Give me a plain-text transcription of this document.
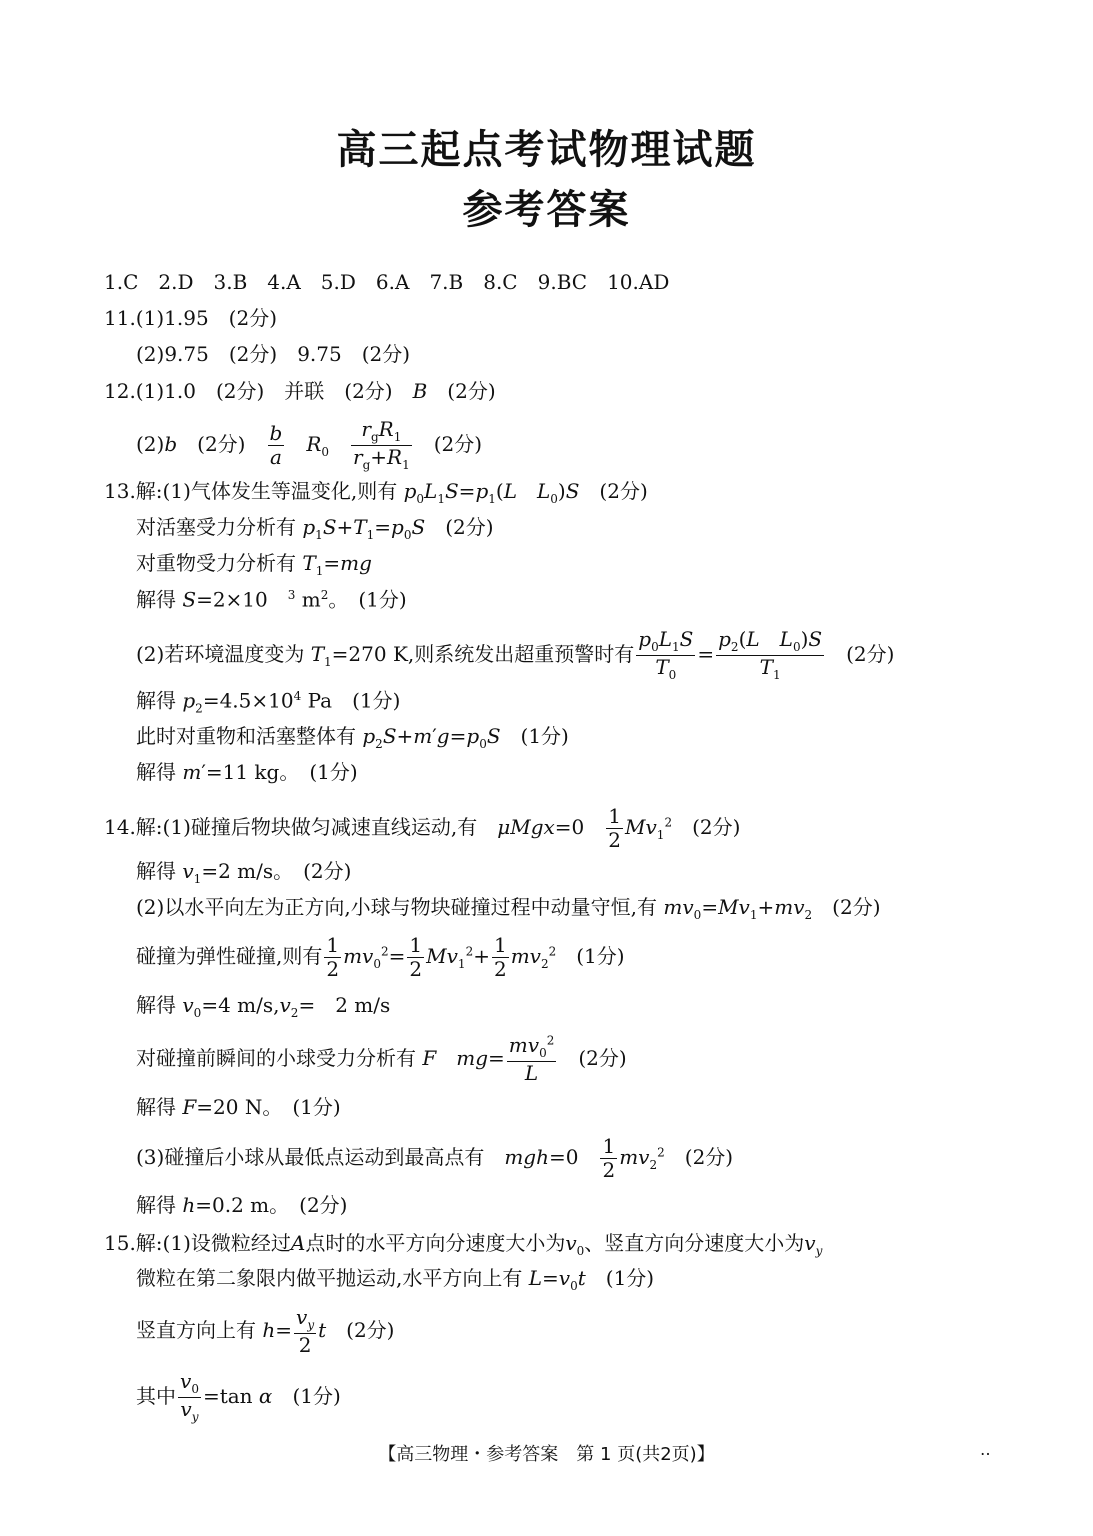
高三起点考试物理试题
参考答案
1.C　2.D　3.B　4.A　5.D　6.A　7.B　8.C　9.BC　10.AD
11.(1)1.95　(2分)
(2)9.75　(2分)　9.75　(2分)
12.(1)1.0　(2分)　并联　(2分)　B　(2分)
(2)b　(2分)　 $\frac{b}{a}$
　 $R_0$　
$r_gR_1$
$r_g+R_1$
　(2分)
13.解:(1)气体发生等温变化,则有 $p_0L_1S=p_1(L$　 $L_0)S$　 (2分)
对活塞受力分析有 $p_1S+T_1=p_0S$　 (2分)
对重物受力分析有 $T_1=mg$
解得 S=2×10　$^3$ $m^2$。　(1分)
(2)若环境温度变为 $T_1=270$ K,则系统发出超重预警时有 $\frac{p_0L_1S}{T_0} = \frac{p_2(L L_0)S}{T_1}$
　 (2分)
解得 $p_2=4.5\times 10^4$ Pa　(1分)
此时对重物和活塞整体有 $p_2S+m'g=p_0S$　 (1分)
解得 m′=11 kg。　(1分)
14.解:(1)碰撞后物块做匀减速直线运动,有　 μMgx=0　 $\frac{1}{2} Mv_1^2$　 (2分)
解得 $v_1=2$ m/s。　(2分)
(2)以水平向左为正方向,小球与物块碰撞过程中动量守恒,有 $mv_0=Mv_1+mv_2$　 (2分)
碰撞为弹性碰撞,则有 $\frac{1}{2} mv_0^2= \frac{1}{2} Mv_1^2+ \frac{1}{2} mv_2^2$　 (1分)
解得 $v_0=4$ $m/s,v_2=$　2 m/s
对碰撞前瞬间的小球受力分析有 F　 $mg= \frac{mv_0^2}{L}$
　 (2分)
解得 F=20 N。　(1分)
(3)碰撞后小球从最低点运动到最高点有　 mgh=0　 $\frac{1}{2} mv_2^2$　 (2分)
解得 h=0.2 m。　(2分)
15.解:(1)设微粒经过A点时的水平方向分速度大小为$v_0$、竖直方向分速度大小为$v_y$
微粒在第二象限内做平抛运动,水平方向上有 $L=v_0t$　 (1分)
竖直方向上有 $h= \frac{v_y}{2}$ t　 (2分)
其中 $\frac{v_0}{v_y} =\tan$ α　 (1分)
【高三物理・参考答案　第 1 页(共2页)】	‥
